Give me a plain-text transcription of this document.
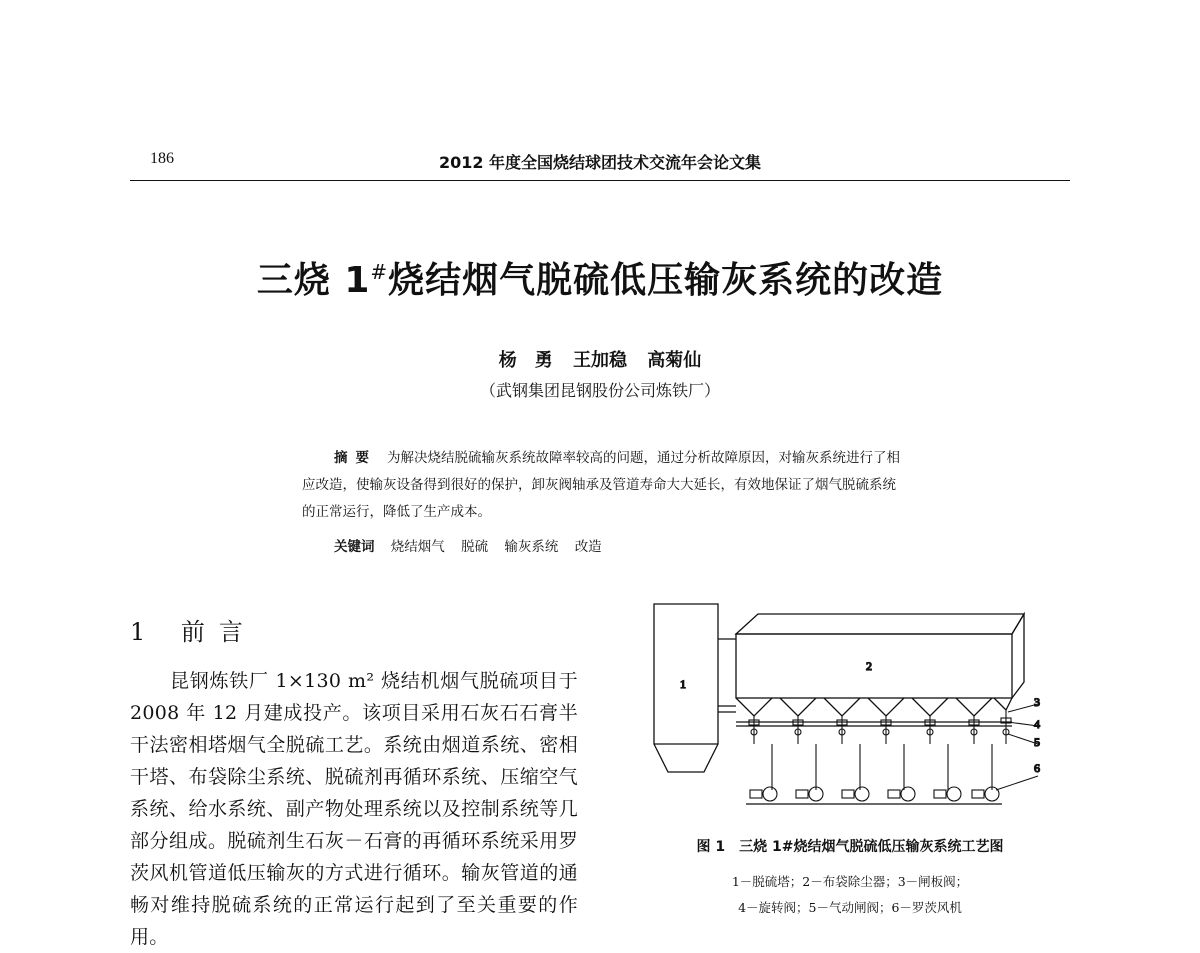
186	2012 年度全国烧结球团技术交流年会论文集
三烧 1#烧结烟气脱硫低压输灰系统的改造
杨　勇 王加稳 高菊仙
（武钢集团昆钢股份公司炼铁厂）
摘要 为解决烧结脱硫输灰系统故障率较高的问题，通过分析故障原因，对输灰系统进行了相应改造，使输灰设备得到很好的保护，卸灰阀轴承及管道寿命大大延长，有效地保证了烟气脱硫系统的正常运行，降低了生产成本。
关键词 烧结烟气 脱硫 输灰系统 改造
1 前言
昆钢炼铁厂 1×130 m² 烧结机烟气脱硫项目于 2008 年 12 月建成投产。该项目采用石灰石石膏半干法密相塔烟气全脱硫工艺。系统由烟道系统、密相干塔、布袋除尘系统、脱硫剂再循环系统、压缩空气系统、给水系统、副产物处理系统以及控制系统等几部分组成。脱硫剂生石灰－石膏的再循环系统采用罗茨风机管道低压输灰的方式进行循环。输灰管道的通畅对维持脱硫系统的正常运行起到了至关重要的作用。
1
2
3
4
5
6
图 1 三烧 1#烧结烟气脱硫低压输灰系统工艺图
1－脱硫塔；2－布袋除尘器；3－闸板阀；
4－旋转阀；5－气动闸阀；6－罗茨风机
